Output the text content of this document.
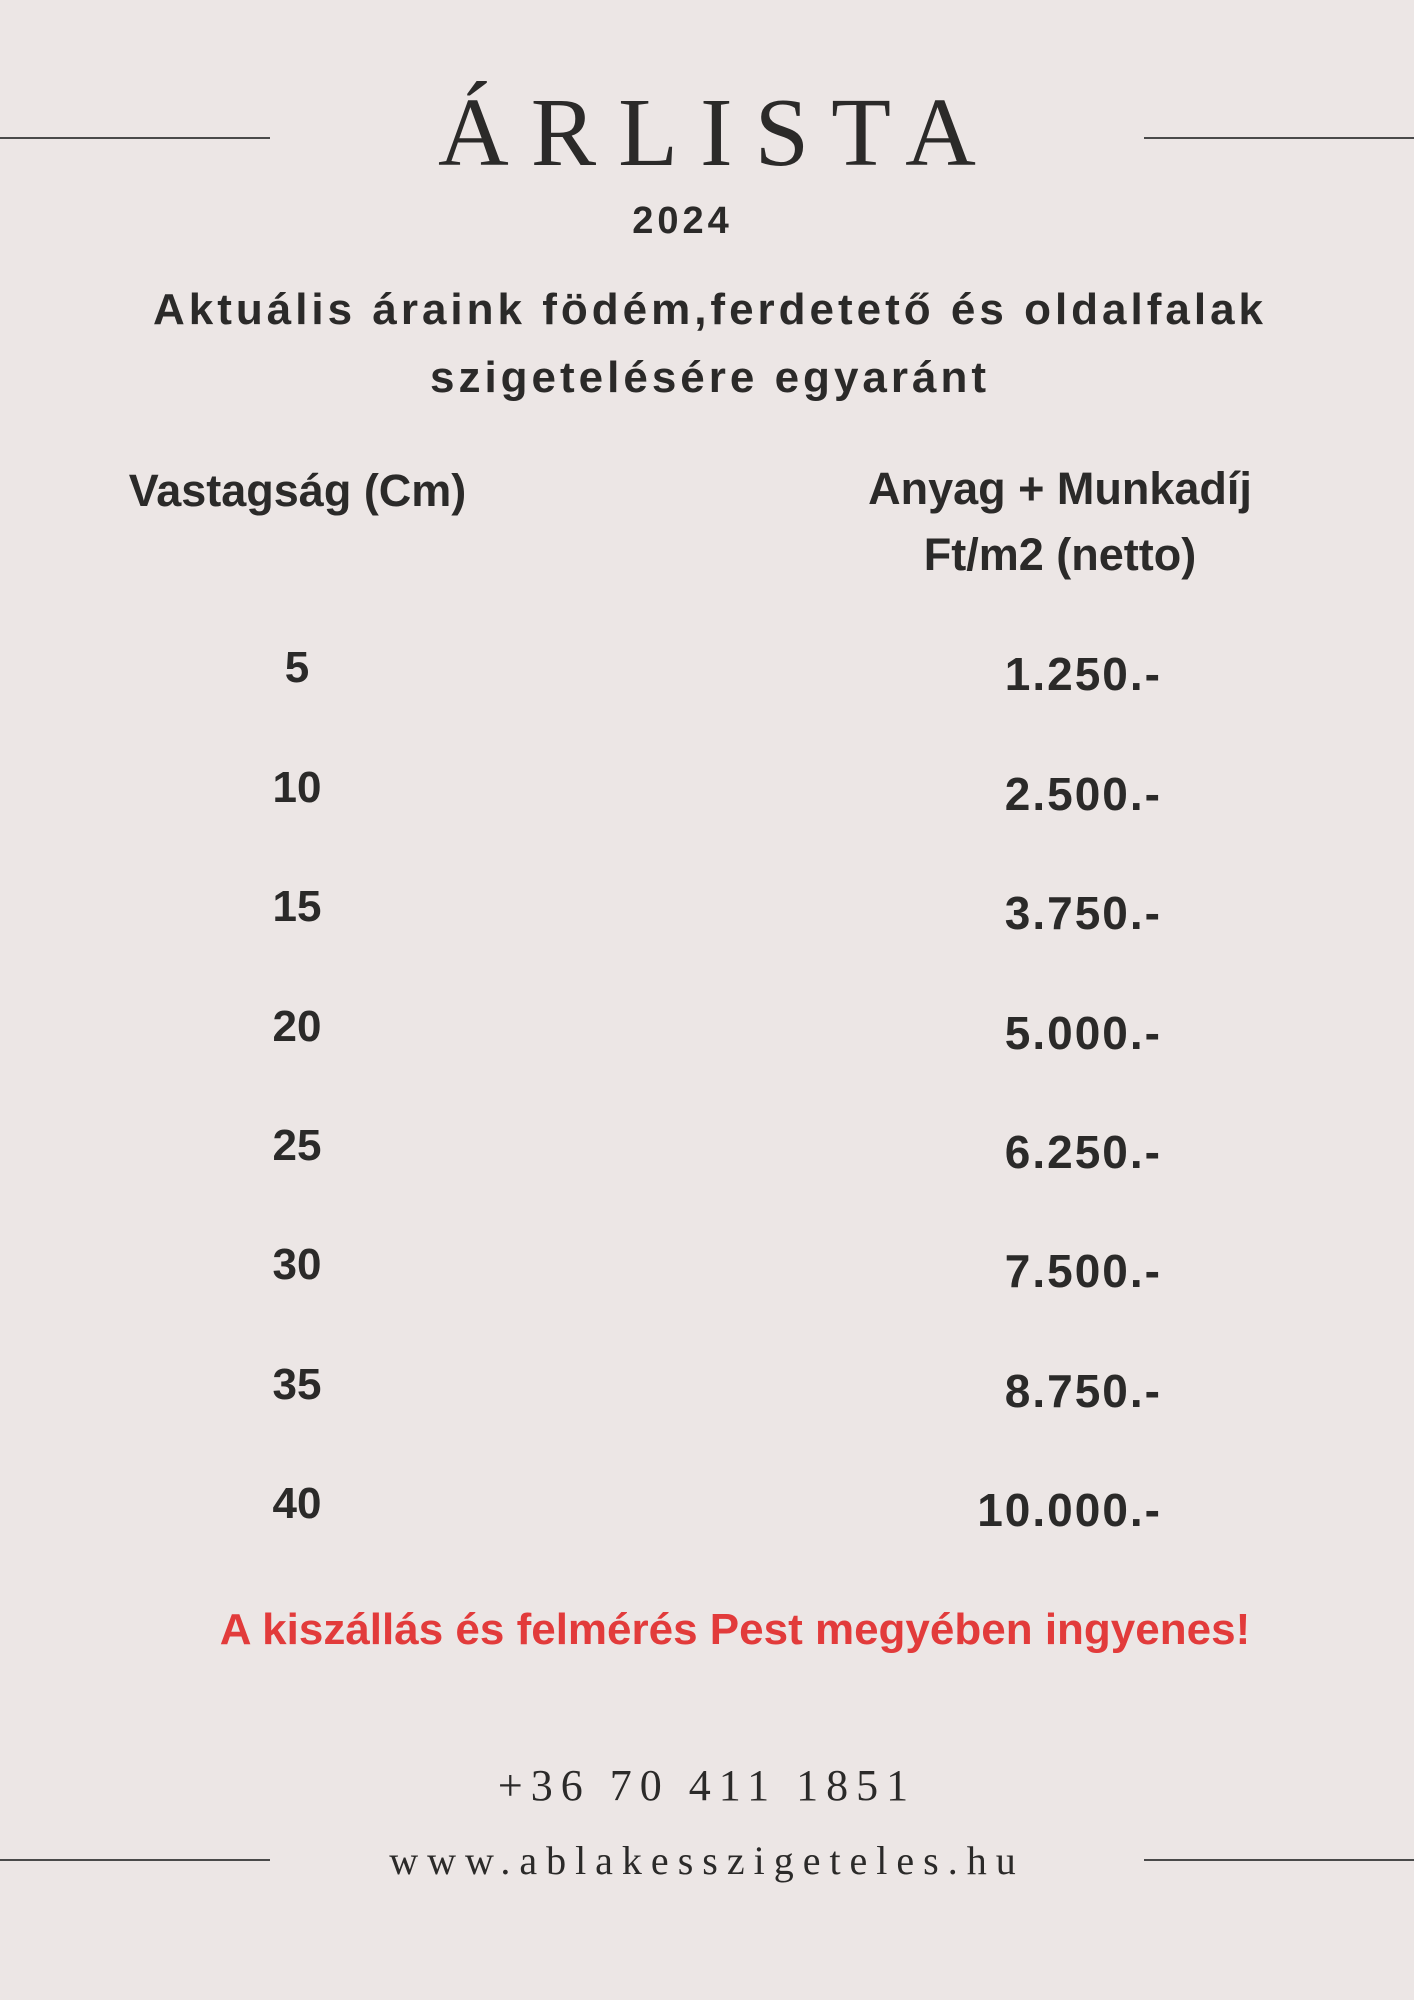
ÁRLISTA
2024
Aktuális áraink födém,ferdetető és oldalfalak
szigetelésére egyaránt
Vastagság (Cm)	Anyag + Munkadíj
Ft/m2 (netto)
5	1.250.-
10	2.500.-
15	3.750.-
20	5.000.-
25	6.250.-
30	7.500.-
35	8.750.-
40	10.000.-
A kiszállás és felmérés Pest megyében ingyenes!
+36 70 411 1851
www.ablakesszigeteles.hu
